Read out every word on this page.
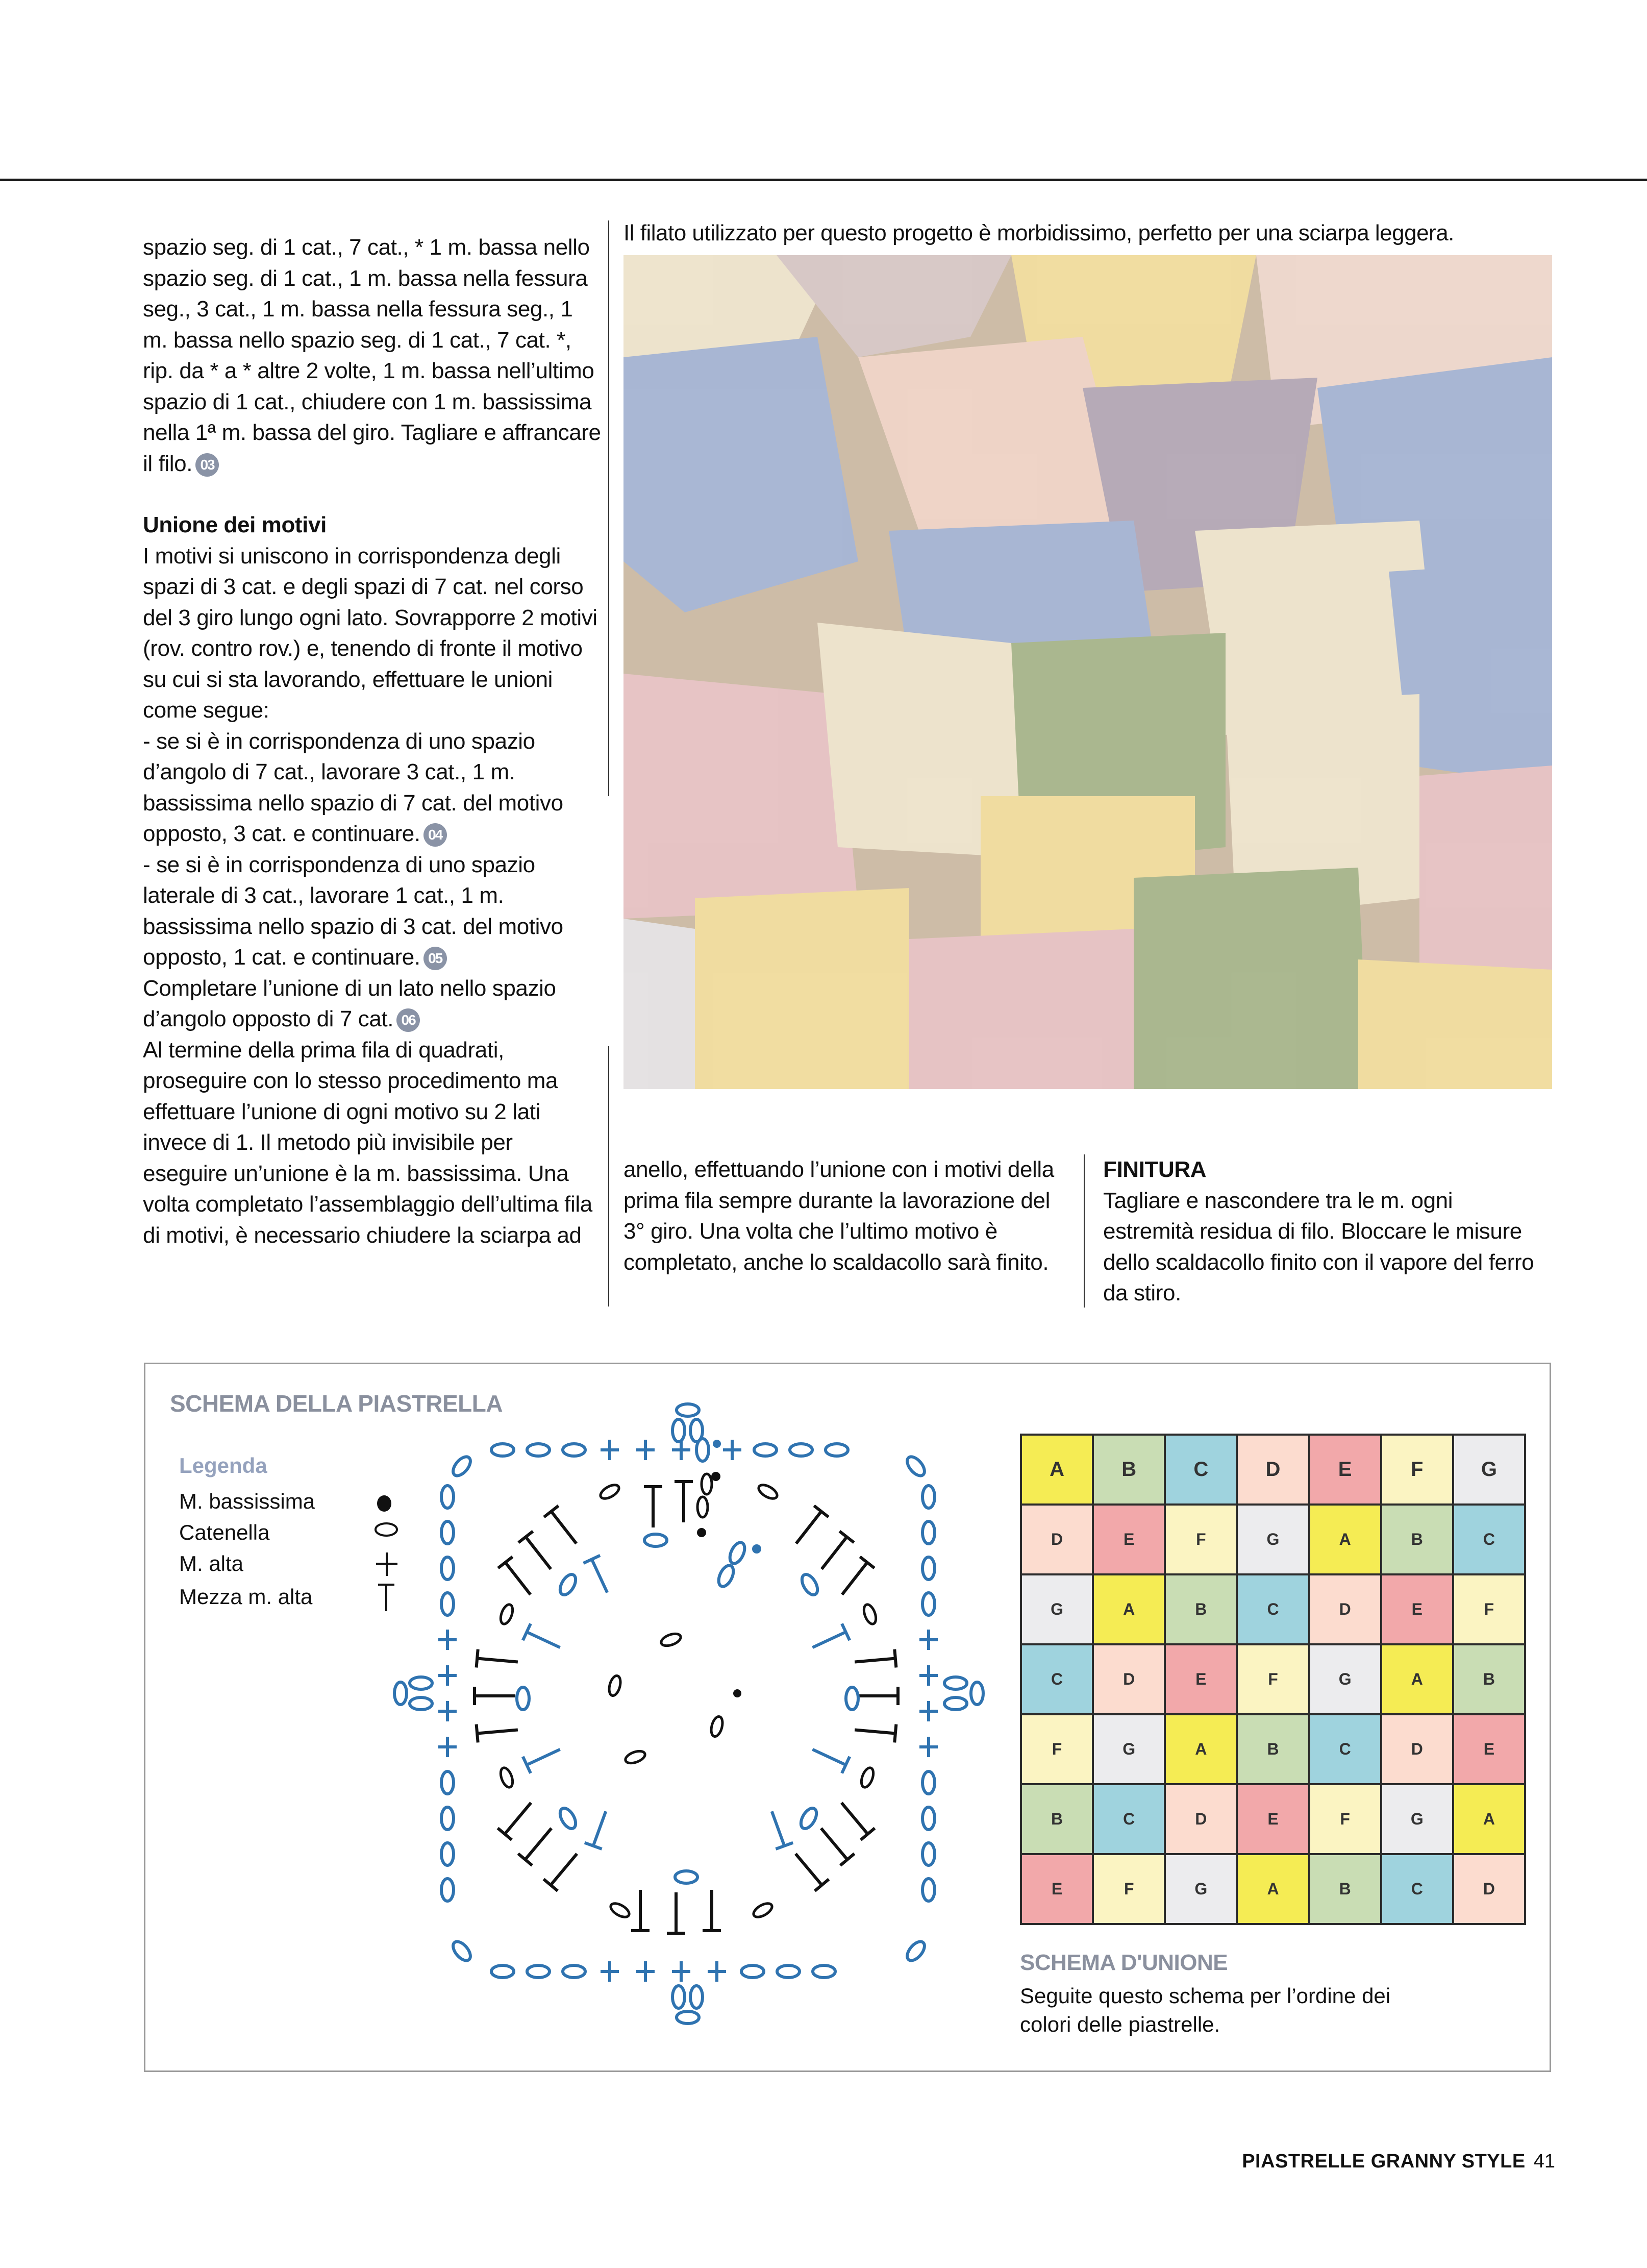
spazio seg. di 1 cat., 7 cat., * 1 m. bassa nello spazio seg. di 1 cat., 1 m. bassa nella fessura seg., 3 cat., 1 m. bassa nella fessura seg., 1 m. bassa nello spazio seg. di 1 cat., 7 cat. *, rip. da * a * altre 2 volte, 1 m. bassa nell’ultimo spazio di 1 cat., chiudere con 1 m. bassissima nella 1ª m. bassa del giro. Tagliare e affrancare il filo. 03

Unione dei motivi

I motivi si uniscono in corrispondenza degli spazi di 3 cat. e degli spazi di 7 cat. nel corso del 3 giro lungo ogni lato. Sovrapporre 2 motivi (rov. contro rov.) e, tenendo di fronte il motivo su cui si sta lavorando, effettuare le unioni come segue:

- se si è in corrispondenza di uno spazio d’angolo di 7 cat., lavorare 3 cat., 1 m. bassissima nello spazio di 7 cat. del motivo opposto, 3 cat. e continuare. 04

- se si è in corrispondenza di uno spazio laterale di 3 cat., lavorare 1 cat., 1 m. bassissima nello spazio di 3 cat. del motivo opposto, 1 cat. e continuare. 05

Completare l’unione di un lato nello spazio d’angolo opposto di 7 cat. 06

Al termine della prima fila di quadrati, proseguire con lo stesso procedimento ma effettuare l’unione di ogni motivo su 2 lati invece di 1. Il metodo più invisibile per eseguire un’unione è la m. bassissima. Una volta completato l’assemblaggio dell’ultima fila di motivi, è necessario chiudere la sciarpa ad

Il filato utilizzato per questo progetto è morbidissimo, perfetto per una sciarpa leggera.

anello, effettuando l’unione con i motivi della prima fila sempre durante la lavorazione del 3° giro. Una volta che l’ultimo motivo è completato, anche lo scaldacollo sarà finito.

FINITURA

Tagliare e nascondere tra le m. ogni estremità residua di filo. Bloccare le misure dello scaldacollo finito con il vapore del ferro da stiro.

SCHEMA DELLA PIASTRELLA
Legenda
M. bassissima
Catenella
M. alta
Mezza m. alta
A	B	C	D	E	F	G
D	E	F	G	A	B	C
G	A	B	C	D	E	F
C	D	E	F	G	A	B
F	G	A	B	C	D	E
B	C	D	E	F	G	A
E	F	G	A	B	C	D
SCHEMA D'UNIONE
Seguite questo schema per l’ordine dei colori delle piastrelle.
PIASTRELLE GRANNY STYLE 41
